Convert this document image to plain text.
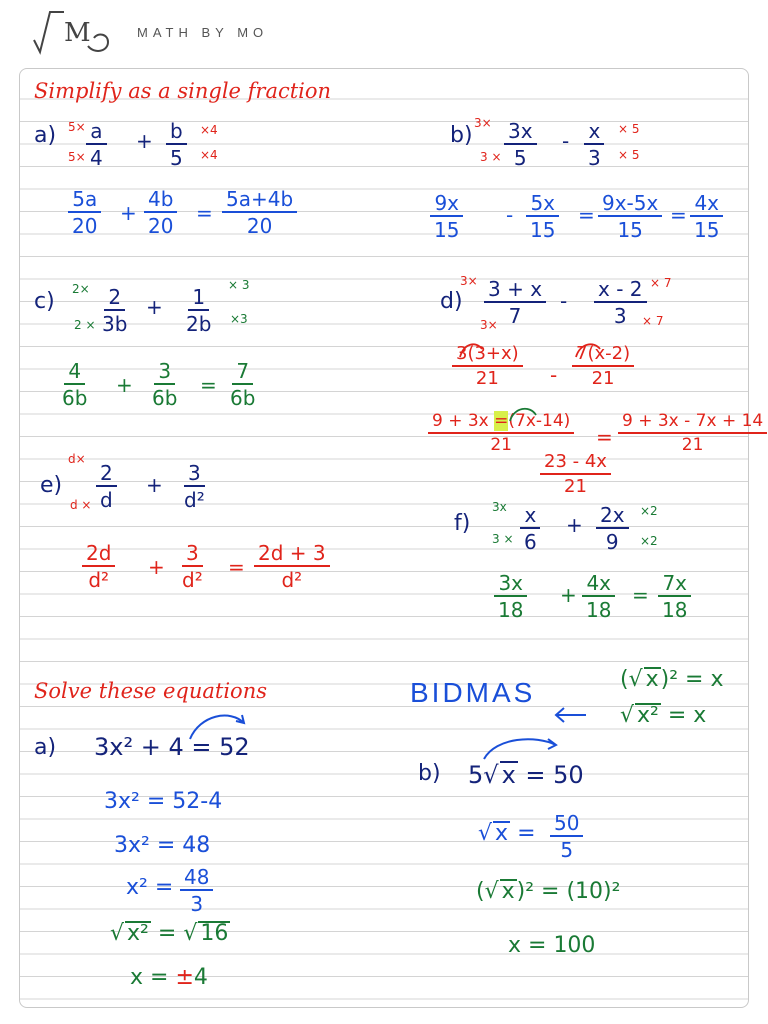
M	MATH BY MO
Simplify as a single fraction
a) 5×
$5\times \frac{a}{4} + \frac{b}{5} \times 4$
×4
$\frac{5a}{20} + \frac{4b}{20} = \frac{5a+4b}{20}$
b) 3×
$3 \times \frac{3x}{5} - \frac{x}{3} \times 5$
× 5
$\frac{9x}{15} - \frac{5x}{15} = \frac{9x-5x}{15} = \frac{4x}{15}$
c) 2×
$2 \times \frac{2}{3b} + \frac{1}{2b}$
× 3
×3
$\frac{4}{6b} + \frac{3}{6b} = \frac{7}{6b}$
d)
3×
3×
$\frac{3 + x}{7} - \frac{x - 2}{3} \times 7$
× 7
$\frac{3(3+x)}{21} - \frac{7(x-2)}{21}$
$\frac{9 + 3x =(7x-14)}{21} = \frac{9 + 3x - 7x + 14}{21}$
$\frac{23 - 4x}{21}$
e)
d×
$d \times \frac{2}{d} + \frac{3}{\text{d²}}$
$\frac{2d}{\text{d²}} + \frac{3}{\text{d²}} = \frac{2d + 3}{\text{d²}}$
f)
3x
$3 \times \frac{x}{6} + \frac{2x}{9} \times 2$
×2
$\frac{3x}{18} + \frac{4x}{18} = \frac{7x}{18}$
Solve these equations	BIDMAS	(√ x)² = x
√ x² = x
a) 3x² + 4 = 52
3x² = 52-4
3x² = 48
$x^2 = \frac{48}{3}$
√ x² = √ 16
x = ±4
b) 5√ x = 50
√ $x = \frac{50}{5}$
(√ x)² = (10)²
x = 100
